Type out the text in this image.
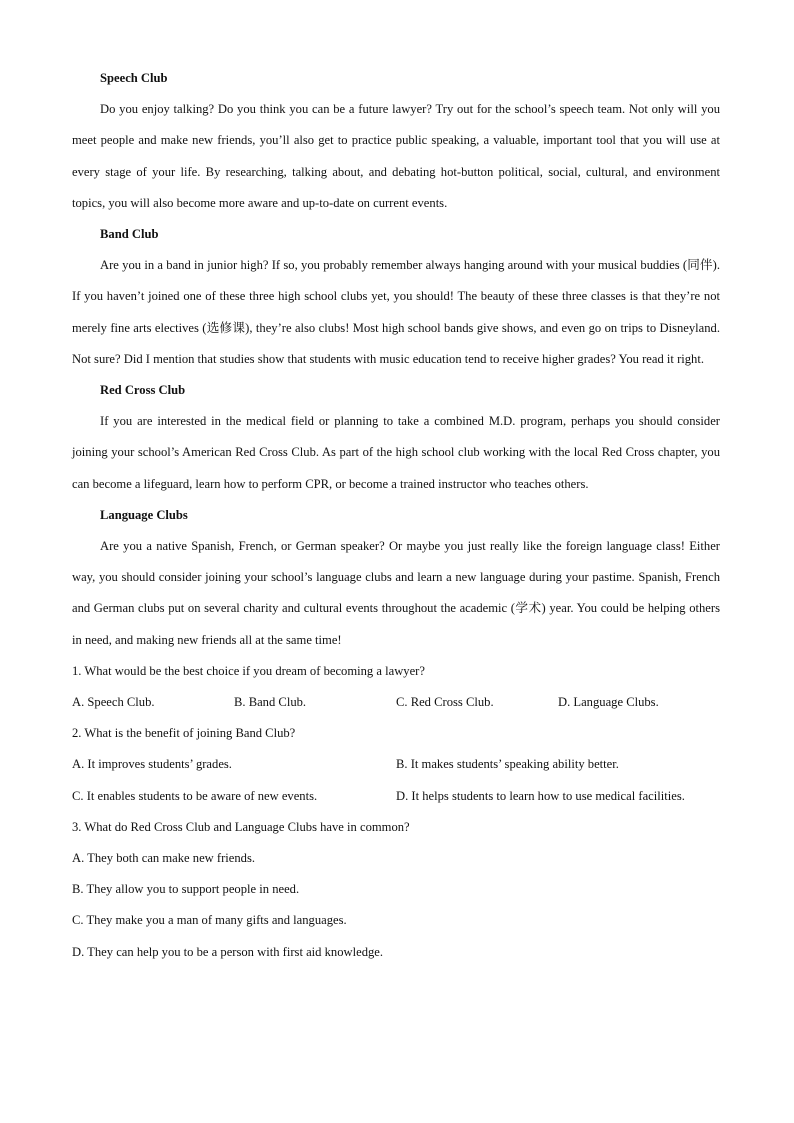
Speech Club

Do you enjoy talking? Do you think you can be a future lawyer? Try out for the school’s speech team. Not only will you meet people and make new friends, you’ll also get to practice public speaking, a valuable, important tool that you will use at every stage of your life. By researching, talking about, and debating hot-button political, social, cultural, and environment topics, you will also become more aware and up-to-date on current events.

Band Club

Are you in a band in junior high? If so, you probably remember always hanging around with your musical buddies (同伴). If you haven’t joined one of these three high school clubs yet, you should! The beauty of these three classes is that they’re not merely fine arts electives (选修课), they’re also clubs! Most high school bands give shows, and even go on trips to Disneyland. Not sure? Did I mention that studies show that students with music education tend to receive higher grades? You read it right.

Red Cross Club

If you are interested in the medical field or planning to take a combined M.D. program, perhaps you should consider joining your school’s American Red Cross Club. As part of the high school club working with the local Red Cross chapter, you can become a lifeguard, learn how to perform CPR, or become a trained instructor who teaches others.

Language Clubs

Are you a native Spanish, French, or German speaker? Or maybe you just really like the foreign language class! Either way, you should consider joining your school’s language clubs and learn a new language during your pastime. Spanish, French and German clubs put on several charity and cultural events throughout the academic (学术) year. You could be helping others in need, and making new friends all at the same time!

1. What would be the best choice if you dream of becoming a lawyer?

A. Speech Club.	B. Band Club.	C. Red Cross Club.	D. Language Clubs.

2. What is the benefit of joining Band Club?

A. It improves students’ grades.	B. It makes students’ speaking ability better.
C. It enables students to be aware of new events.	D. It helps students to learn how to use medical facilities.

3. What do Red Cross Club and Language Clubs have in common?

A. They both can make new friends.

B. They allow you to support people in need.

C. They make you a man of many gifts and languages.

D. They can help you to be a person with first aid knowledge.
